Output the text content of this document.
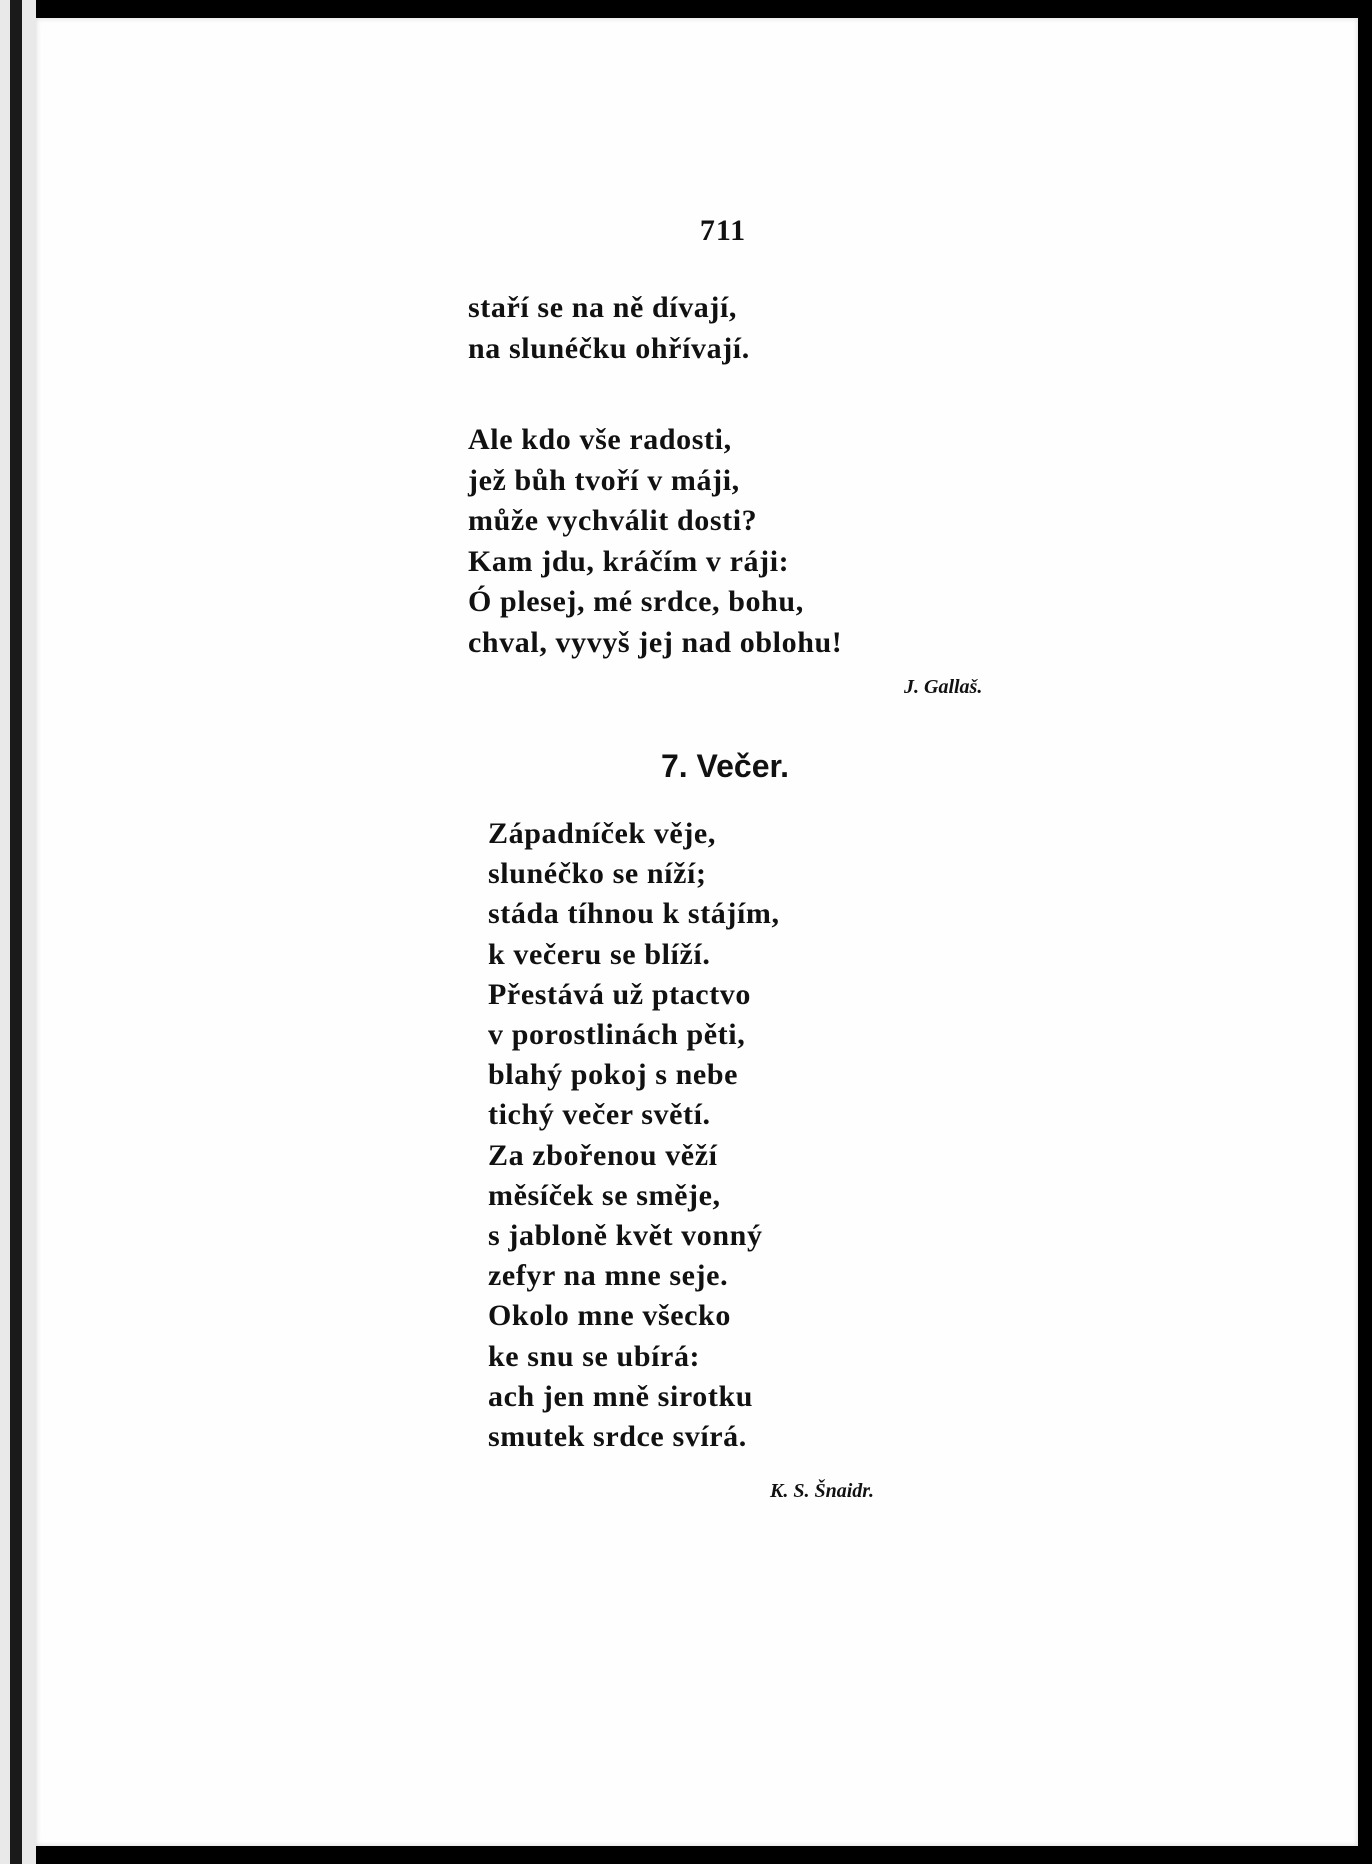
711
staří se na ně dívají,
na slunéčku ohřívají.
Ale kdo vše radosti,
jež bůh tvoří v máji,
může vychválit dosti?
Kam jdu, kráčím v ráji:
Ó plesej, mé srdce, bohu,
chval, vyvyš jej nad oblohu!
J. Gallaš.
7. Večer.
Západníček věje,
slunéčko se níží;
stáda tíhnou k stájím,
k večeru se blíží.
Přestává už ptactvo
v porostlinách pěti,
blahý pokoj s nebe
tichý večer světí.
Za zbořenou věží
měsíček se směje,
s jabloně květ vonný
zefyr na mne seje.
Okolo mne všecko
ke snu se ubírá:
ach jen mně sirotku
smutek srdce svírá.
K. S. Šnaidr.
